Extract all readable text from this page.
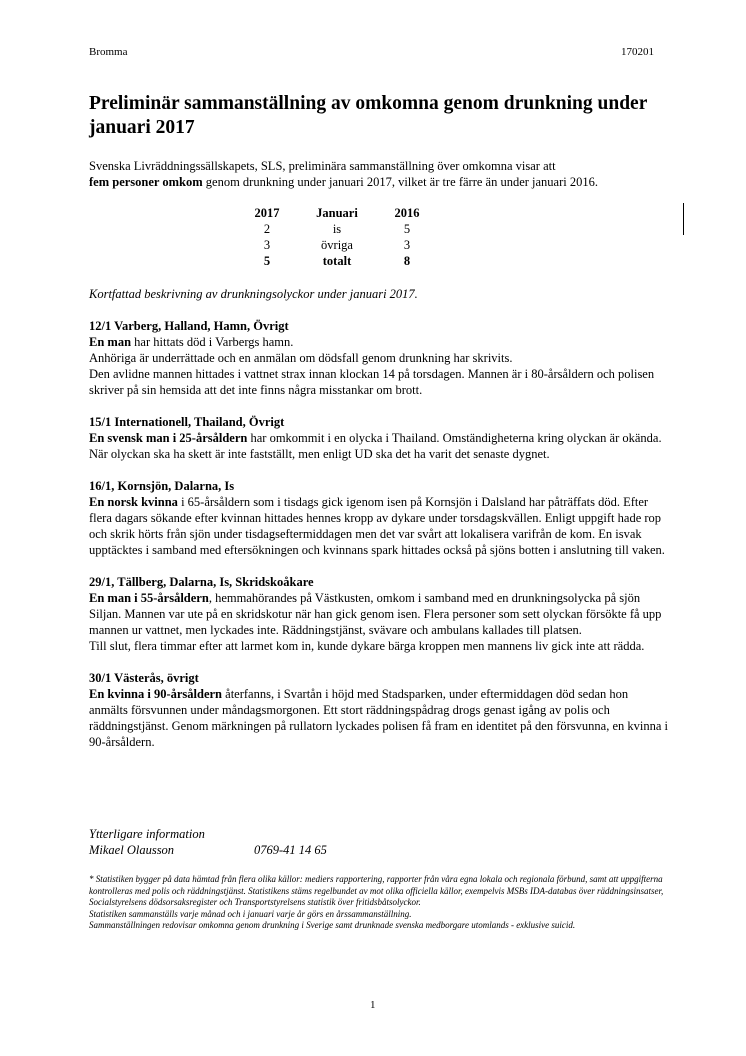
Bromma	170201
Preliminär sammanställning av omkomna genom drunkning under januari 2017
Svenska Livräddningssällskapets, SLS, preliminära sammanställning över omkomna visar att
fem personer omkom genom drunkning under januari 2017, vilket är tre färre än under januari 2016.
2017	Januari	2016
2	is	5
3	övriga	3
5	totalt	8
Kortfattad beskrivning av drunkningsolyckor under januari 2017.
12/1 Varberg, Halland, Hamn, Övrigt

En man har hittats död i Varbergs hamn.

Anhöriga är underrättade och en anmälan om dödsfall genom drunkning har skrivits.

Den avlidne mannen hittades i vattnet strax innan klockan 14 på torsdagen. Mannen är i 80-årsåldern och polisen skriver på sin hemsida att det inte finns några misstankar om brott.

15/1 Internationell, Thailand, Övrigt

En svensk man i 25-årsåldern har omkommit i en olycka i Thailand. Omständigheterna kring olyckan är okända. När olyckan ska ha skett är inte fastställt, men enligt UD ska det ha varit det senaste dygnet.

16/1, Kornsjön, Dalarna, Is

En norsk kvinna i 65-årsåldern som i tisdags gick igenom isen på Kornsjön i Dalsland har påträffats död. Efter flera dagars sökande efter kvinnan hittades hennes kropp av dykare under torsdagskvällen. Enligt uppgift hade rop och skrik hörts från sjön under tisdagseftermiddagen men det var svårt att lokalisera varifrån de kom. En isvak upptäcktes i samband med eftersökningen och kvinnans spark hittades också på sjöns botten i anslutning till vaken.

29/1, Tällberg, Dalarna, Is, Skridskoåkare

En man i 55-årsåldern, hemmahörandes på Västkusten, omkom i samband med en drunkningsolycka på sjön Siljan. Mannen var ute på en skridskotur när han gick genom isen. Flera personer som sett olyckan försökte få upp mannen ur vattnet, men lyckades inte. Räddningstjänst, svävare och ambulans kallades till platsen.

Till slut, flera timmar efter att larmet kom in, kunde dykare bärga kroppen men mannens liv gick inte att rädda.

30/1 Västerås, övrigt

En kvinna i 90-årsåldern återfanns, i Svartån i höjd med Stadsparken, under eftermiddagen död sedan hon anmälts försvunnen under måndagsmorgonen. Ett stort räddningspådrag drogs genast igång av polis och räddningstjänst. Genom märkningen på rullatorn lyckades polisen få fram en identitet på den försvunna, en kvinna i 90-årsåldern.

Ytterligare information
Mikael Olausson	0769-41 14 65

* Statistiken bygger på data hämtad från flera olika källor: mediers rapportering, rapporter från våra egna lokala och regionala förbund, samt att uppgifterna kontrolleras med polis och räddningstjänst. Statistikens stäms regelbundet av mot olika officiella källor, exempelvis MSBs IDA-databas över räddningsinsatser, Socialstyrelsens dödsorsaksregister och Transportstyrelsens statistik över fritidsbåtsolyckor.

Statistiken sammanställs varje månad och i januari varje år görs en årssammanställning.

Sammanställningen redovisar omkomna genom drunkning i Sverige samt drunknade svenska medborgare utomlands - exklusive suicid.

1
